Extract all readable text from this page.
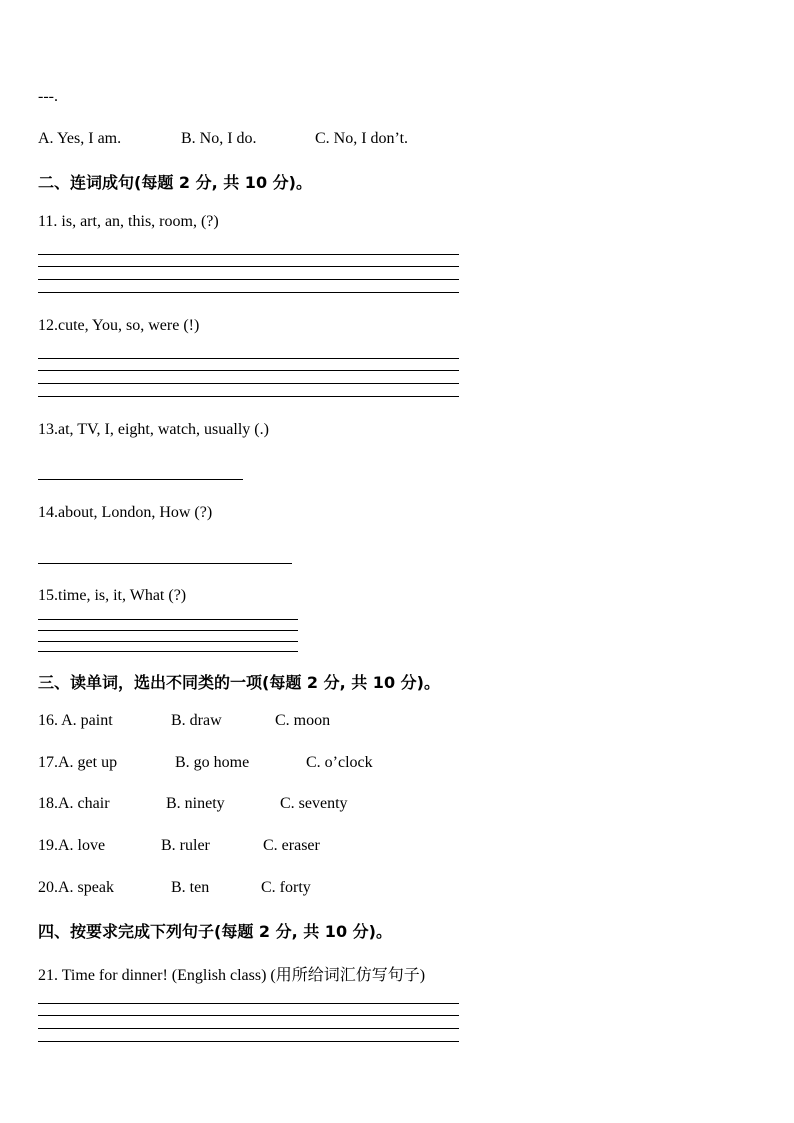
---.
A. Yes, I am.	B. No, I do.	C. No, I don’t.
二、连词成句(每题 2 分, 共 10 分)。
11. is, art, an, this, room, (?)
12.cute, You, so, were (!)
13.at, TV, I, eight, watch, usually (.)
14.about, London, How (?)
15.time, is, it, What (?)
三、读单词，选出不同类的一项(每题 2 分, 共 10 分)。
16. A. paint	B. draw	C. moon
17.A. get up	B. go home	C. o’clock
18.A. chair	B. ninety	C. seventy
19.A. love	B. ruler	C. eraser
20.A. speak	B. ten	C. forty
四、按要求完成下列句子(每题 2 分, 共 10 分)。
21. Time for dinner! (English class) (用所给词汇仿写句子)
